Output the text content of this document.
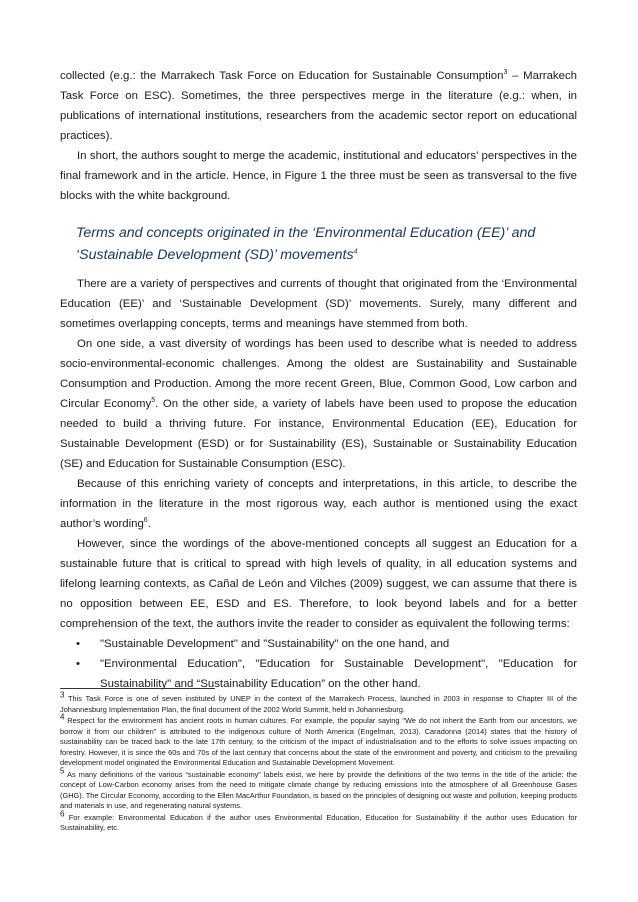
collected (e.g.: the Marrakech Task Force on Education for Sustainable Consumption$^3$ – Marrakech Task Force on ESC). Sometimes, the three perspectives merge in the literature (e.g.: when, in publications of international institutions, researchers from the academic sector report on educational practices).

In short, the authors sought to merge the academic, institutional and educators’ perspectives in the final framework and in the article. Hence, in Figure 1 the three must be seen as transversal to the five blocks with the white background.

Terms and concepts originated in the ‘Environmental Education (EE)’ and ‘Sustainable Development (SD)’ movements$^4$

There are a variety of perspectives and currents of thought that originated from the ‘Environmental Education (EE)’ and ‘Sustainable Development (SD)’ movements. Surely, many different and sometimes overlapping concepts, terms and meanings have stemmed from both.

On one side, a vast diversity of wordings has been used to describe what is needed to address socio-environmental-economic challenges. Among the oldest are Sustainability and Sustainable Consumption and Production. Among the more recent Green, Blue, Common Good, Low carbon and Circular Economy$^5$. On the other side, a variety of labels have been used to propose the education needed to build a thriving future. For instance, Environmental Education (EE), Education for Sustainable Development (ESD) or for Sustainability (ES), Sustainable or Sustainability Education (SE) and Education for Sustainable Consumption (ESC).

Because of this enriching variety of concepts and interpretations, in this article, to describe the information in the literature in the most rigorous way, each author is mentioned using the exact author’s wording$^6$.

However, since the wordings of the above-mentioned concepts all suggest an Education for a sustainable future that is critical to spread with high levels of quality, in all education systems and lifelong learning contexts, as Cañal de León and Vilches (2009) suggest, we can assume that there is no opposition between EE, ESD and ES. Therefore, to look beyond labels and for a better comprehension of the text, the authors invite the reader to consider as equivalent the following terms:

• "Sustainable Development" and "Sustainability" on the one hand, and
• "Environmental Education", "Education for Sustainable Development", "Education for Sustainability" and “Sustainability Education” on the other hand.

$^3$ This Task Force is one of seven instituted by UNEP in the context of the Marrakech Process, launched in 2003 in response to Chapter III of the Johannesburg Implementation Plan, the final document of the 2002 World Summit, held in Johannesburg.

$^4$ Respect for the environment has ancient roots in human cultures. For example, the popular saying "We do not inherit the Earth from our ancestors, we borrow it from our children" is attributed to the indigenous culture of North America (Engelman, 2013). Caradonna (2014) states that the history of sustainability can be traced back to the late 17th century, to the criticism of the impact of industrialisation and to the efforts to solve issues impacting on forestry. However, it is since the 60s and 70s of the last century that concerns about the state of the environment and poverty, and criticism to the prevailing development model originated the Environmental Education and Sustainable Development Movement.

$^5$ As many definitions of the various “sustainable economy” labels exist, we here by provide the definitions of the two terms in the title of the article: the concept of Low-Carbon economy arises from the need to mitigate climate change by reducing emissions into the atmosphere of all Greenhouse Gases (GHG). The Circular Economy, according to the Ellen MacArthur Foundation, is based on the principles of designing out waste and pollution, keeping products and materials in use, and regenerating natural systems.

$^6$ For example: Environmental Education if the author uses Environmental Education, Education for Sustainability if the author uses Education for Sustainability, etc.
